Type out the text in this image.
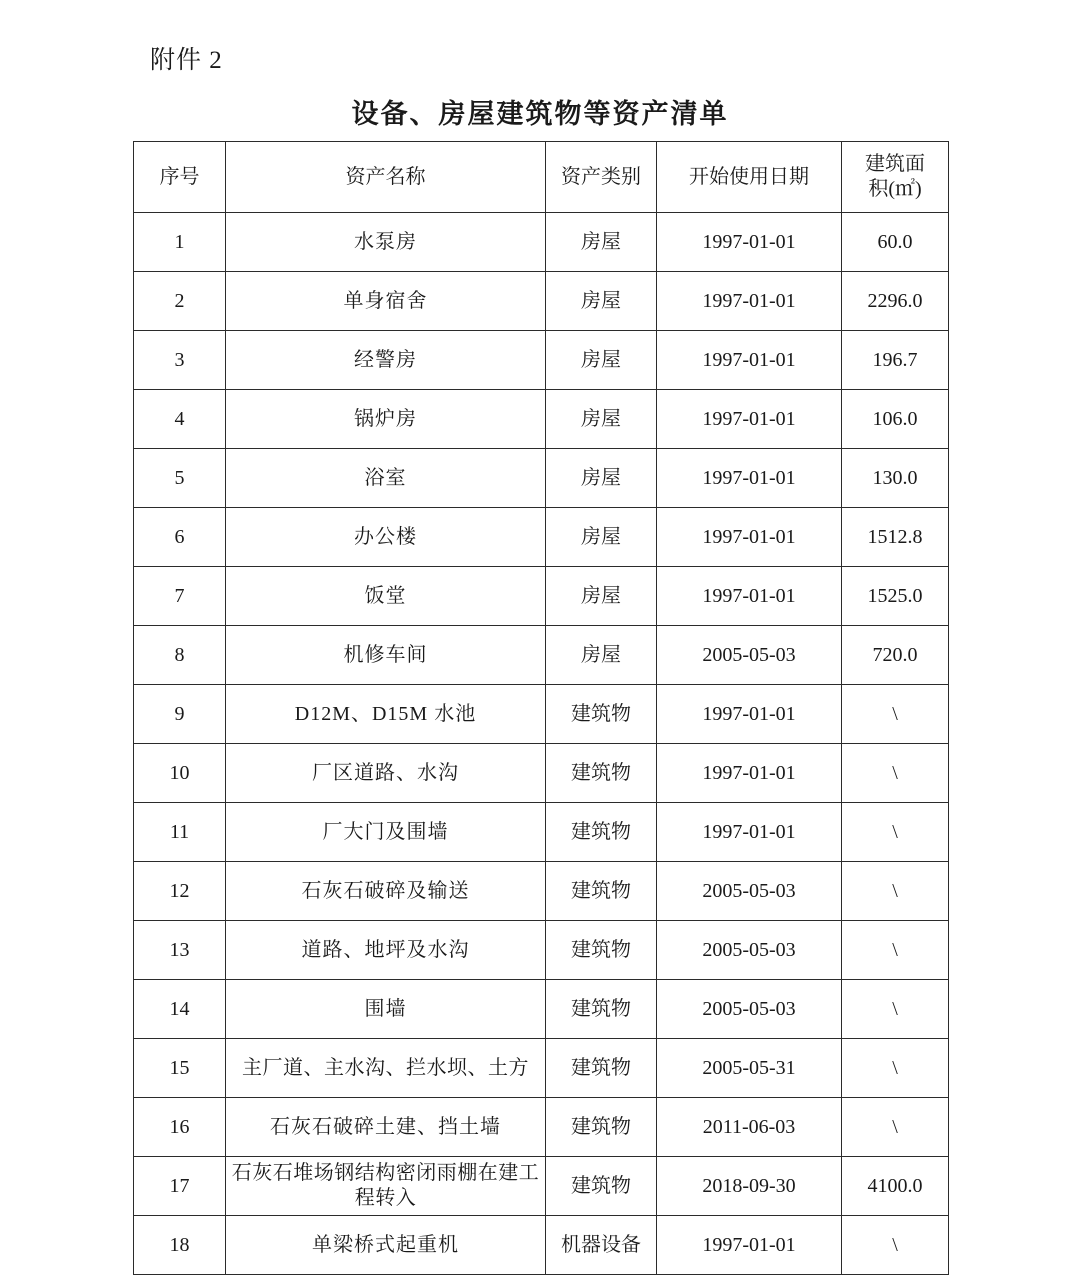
附件 2
设备、房屋建筑物等资产清单
序号	资产名称	资产类别	开始使用日期	建筑面
积(㎡)

1	水泵房	房屋	1997-01-01	60.0
2	单身宿舍	房屋	1997-01-01	2296.0
3	经警房	房屋	1997-01-01	196.7
4	锅炉房	房屋	1997-01-01	106.0
5	浴室	房屋	1997-01-01	130.0
6	办公楼	房屋	1997-01-01	1512.8
7	饭堂	房屋	1997-01-01	1525.0
8	机修车间	房屋	2005-05-03	720.0
9	D12M、D15M 水池	建筑物	1997-01-01	\
10	厂区道路、水沟	建筑物	1997-01-01	\
11	厂大门及围墙	建筑物	1997-01-01	\
12	石灰石破碎及输送	建筑物	2005-05-03	\
13	道路、地坪及水沟	建筑物	2005-05-03	\
14	围墙	建筑物	2005-05-03	\
15	主厂道、主水沟、拦水坝、土方	建筑物	2005-05-31	\
16	石灰石破碎土建、挡土墙	建筑物	2011-06-03	\
17	石灰石堆场钢结构密闭雨棚在建工程转入	建筑物	2018-09-30	4100.0
18	单梁桥式起重机	机器设备	1997-01-01	\
